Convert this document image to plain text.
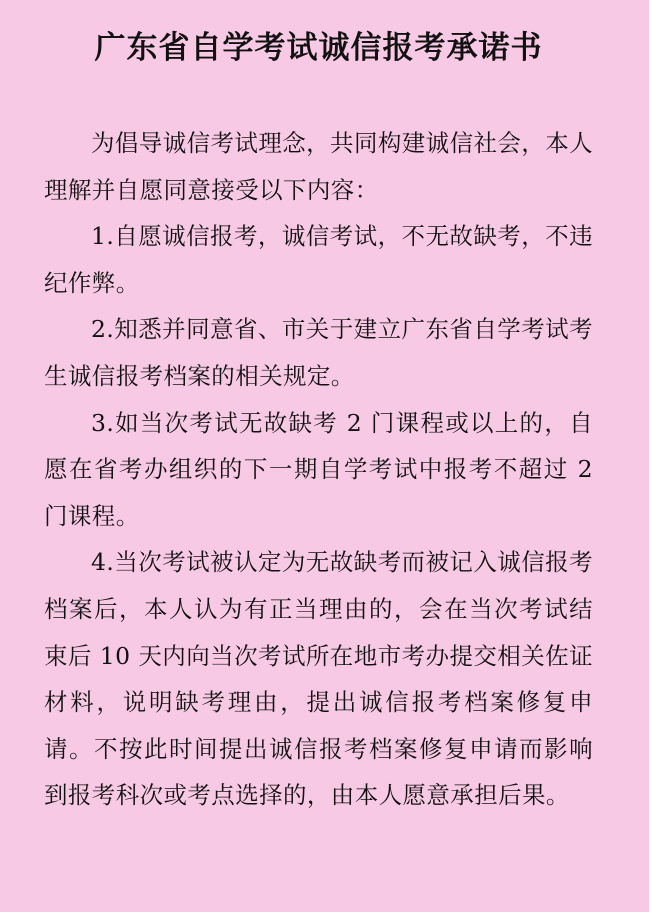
广东省自学考试诚信报考承诺书

为倡导诚信考试理念，共同构建诚信社会，本人理解并自愿同意接受以下内容：

1.自愿诚信报考，诚信考试，不无故缺考，不违纪作弊。

2.知悉并同意省、市关于建立广东省自学考试考生诚信报考档案的相关规定。

3.如当次考试无故缺考 2 门课程或以上的，自愿在省考办组织的下一期自学考试中报考不超过 2 门课程。

4.当次考试被认定为无故缺考而被记入诚信报考档案后，本人认为有正当理由的，会在当次考试结束后 10 天内向当次考试所在地市考办提交相关佐证材料，说明缺考理由，提出诚信报考档案修复申请。不按此时间提出诚信报考档案修复申请而影响到报考科次或考点选择的，由本人愿意承担后果。
